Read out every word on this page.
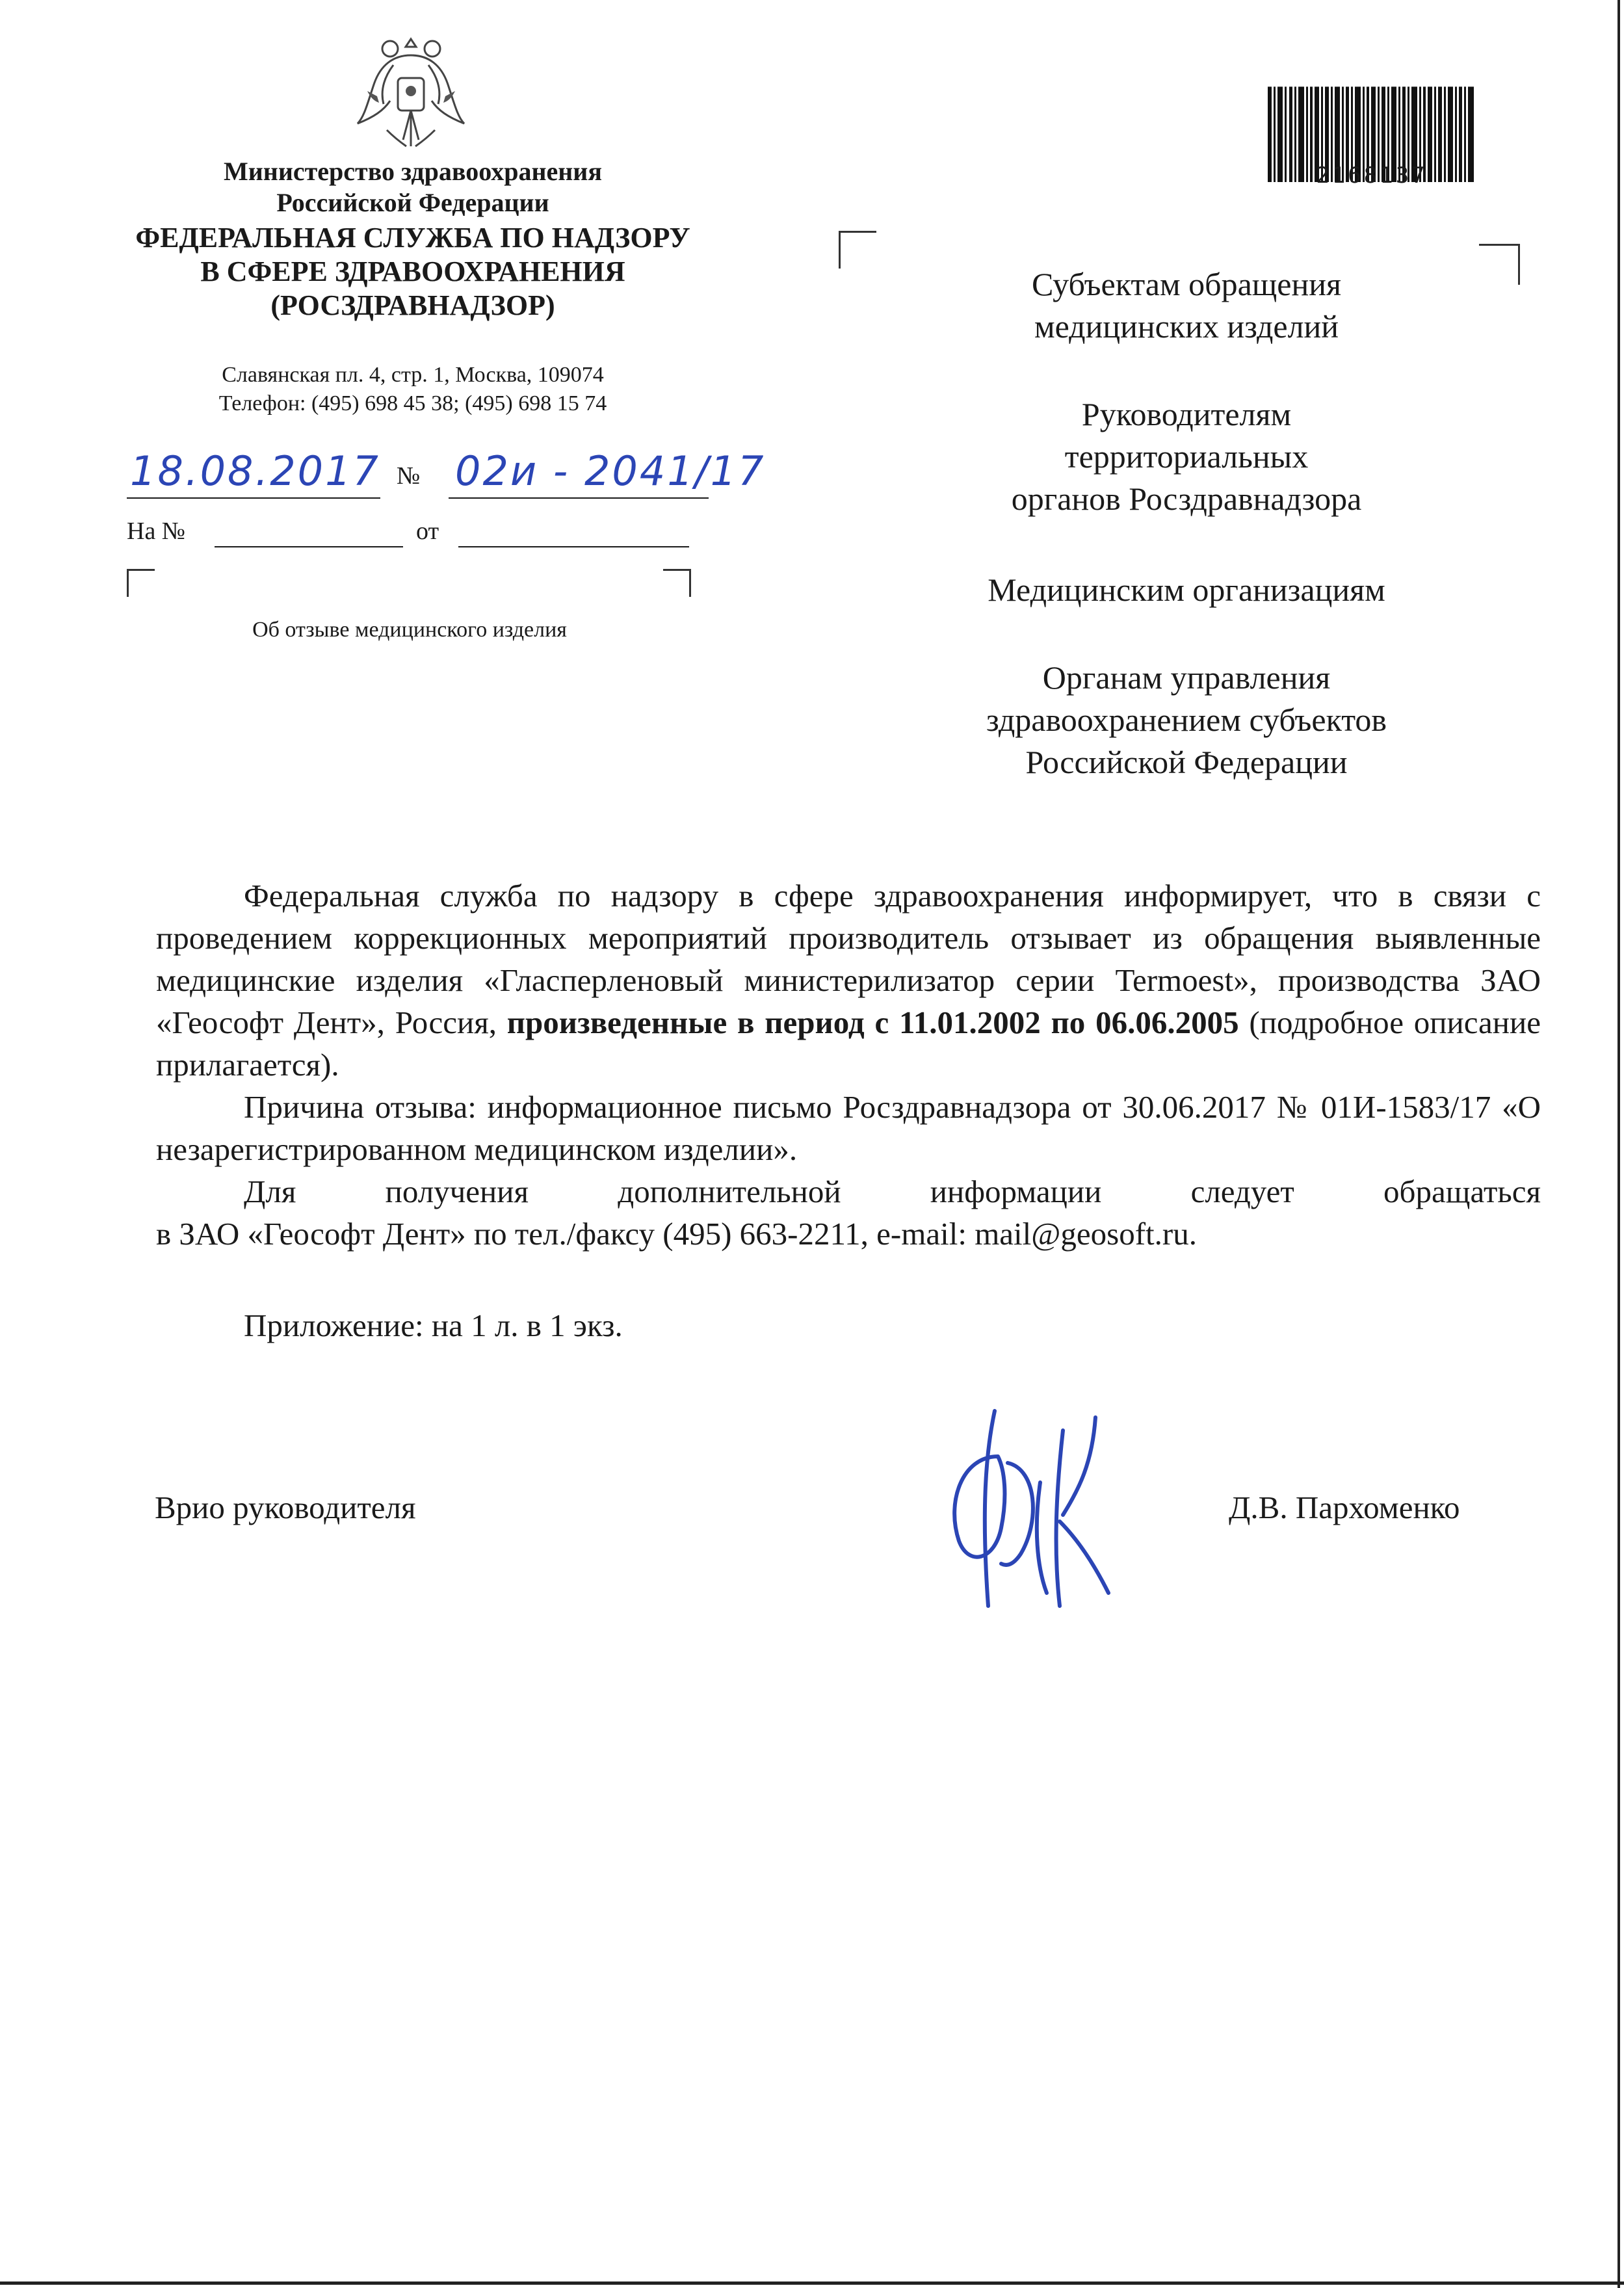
Министерство здравоохранения
Российской Федерации
ФЕДЕРАЛЬНАЯ СЛУЖБА ПО НАДЗОРУ
В СФЕРЕ ЗДРАВООХРАНЕНИЯ
(РОСЗДРАВНАДЗОР)
Славянская пл. 4, стр. 1, Москва, 109074
Телефон: (495) 698 45 38; (495) 698 15 74
18.08.2017 № 02и - 2041/17
На №	от
Об отзыве медицинского изделия
2168137
Субъектам обращения
медицинских изделий
Руководителям
территориальных
органов Росздравнадзора
Медицинским организациям
Органам управления
здравоохранением субъектов
Российской Федерации

Федеральная служба по надзору в сфере здравоохранения информирует, что в связи с проведением коррекционных мероприятий производитель отзывает из обращения выявленные медицинские изделия «Гласперленовый министерилизатор серии Termoest», производства ЗАО «Геософт Дент», Россия, произведенные в период с 11.01.2002 по 06.06.2005 (подробное описание прилагается).

Причина отзыва: информационное письмо Росздравнадзора от 30.06.2017 № 01И-1583/17 «О незарегистрированном медицинском изделии».

Для получения дополнительной информации следует обращаться

в ЗАО «Геософт Дент» по тел./факсу (495) 663-2211, e-mail: mail@geosoft.ru.

Приложение: на 1 л. в 1 экз.
Врио руководителя	Д.В. Пархоменко
